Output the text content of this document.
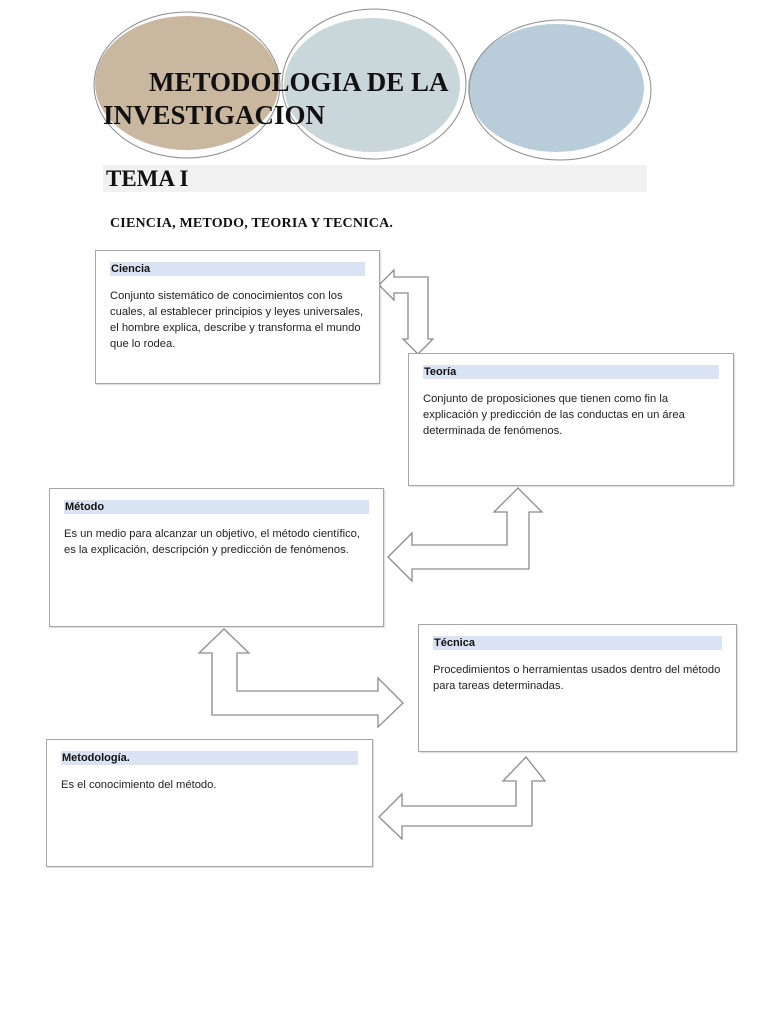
METODOLOGIA DE LA
INVESTIGACION
TEMA I

CIENCIA, METODO, TEORIA Y TECNICA.

Ciencia
Conjunto sistemático de conocimientos con los cuales, al establecer principios y leyes universales, el hombre explica, describe y transforma el mundo que lo rodea.
Teoría
Conjunto de proposiciones que tienen como fin la explicación y predicción de las conductas en un área determinada de fenómenos.
Método
Es un medio para alcanzar un objetivo, el método científico, es la explicación, descripción y predicción de fenómenos.
Técnica
Procedimientos o herramientas usados dentro del método para tareas determinadas.
Metodología.
Es el conocimiento del método.
